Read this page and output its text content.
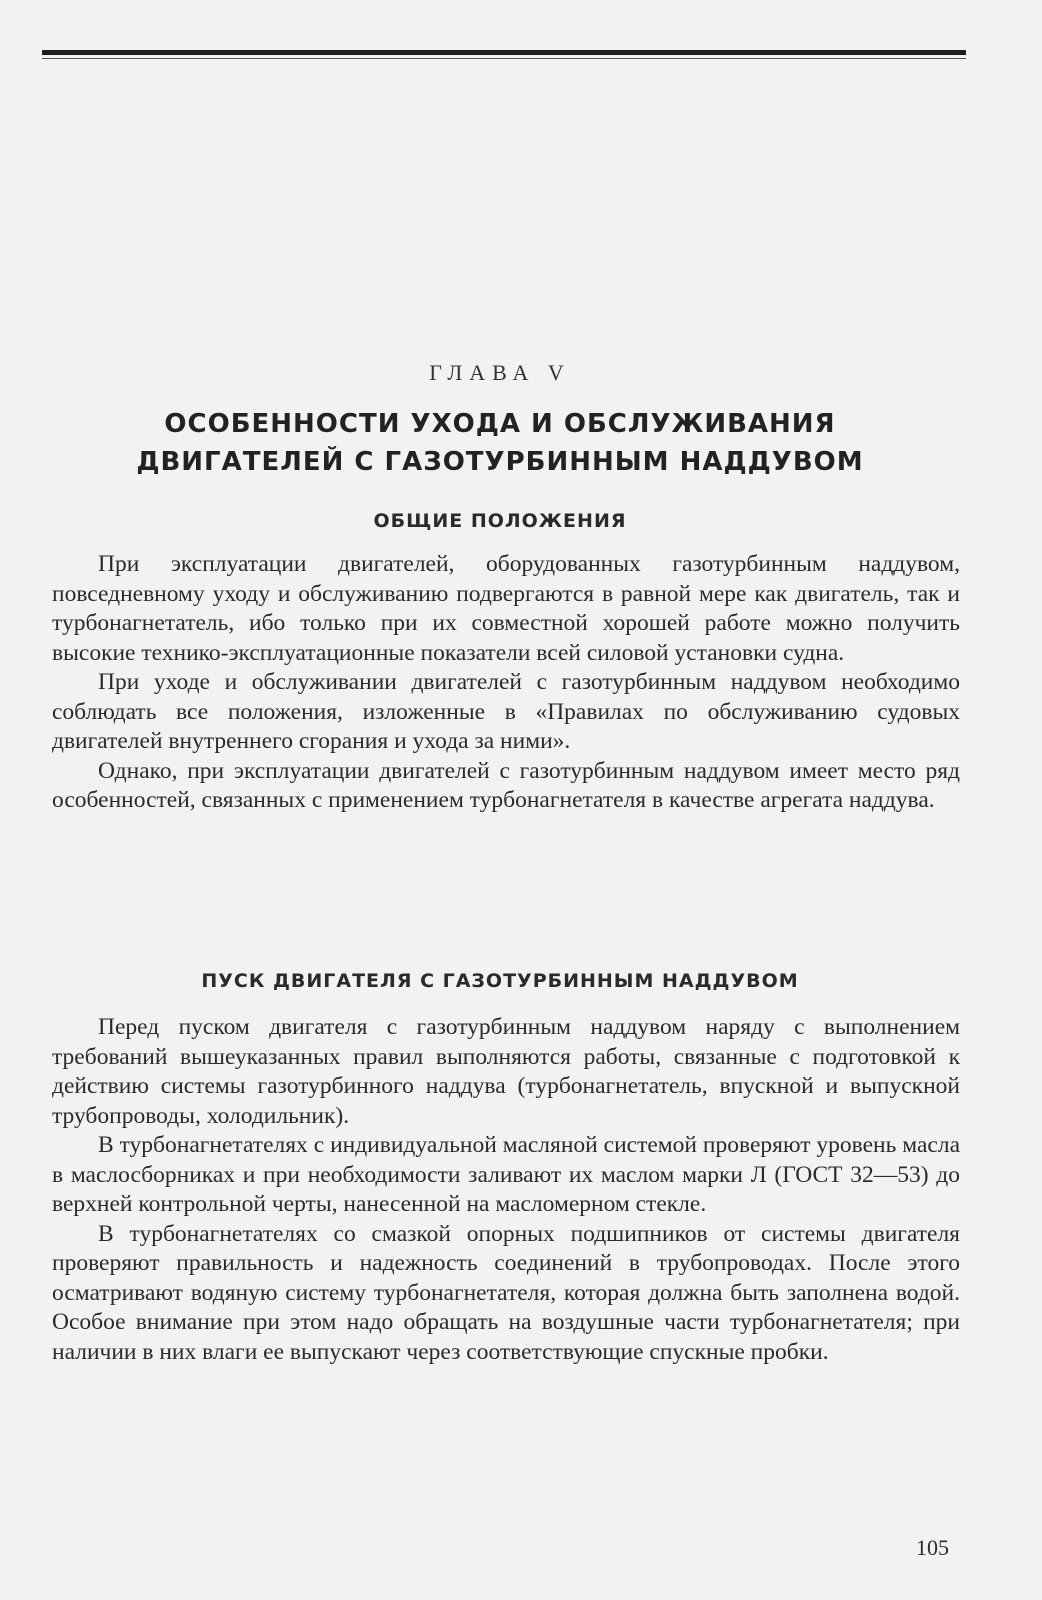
ГЛАВА V
ОСОБЕННОСТИ УХОДА И ОБСЛУЖИВАНИЯ
ДВИГАТЕЛЕЙ С ГАЗОТУРБИННЫМ НАДДУВОМ
ОБЩИЕ ПОЛОЖЕНИЯ

При эксплуатации двигателей, оборудованных газотурбинным наддувом, повседневному уходу и обслуживанию подвергаются в равной мере как двигатель, так и турбонагнетатель, ибо только при их совместной хорошей работе можно получить высокие технико-эксплуатационные показатели всей силовой установки судна.

При уходе и обслуживании двигателей с газотурбинным наддувом необходимо соблюдать все положения, изложенные в «Правилах по обслуживанию судовых двигателей внутреннего сгорания и ухода за ними».

Однако, при эксплуатации двигателей с газотурбинным наддувом имеет место ряд особенностей, связанных с применением турбонагнетателя в качестве агрегата наддува.

ПУСК ДВИГАТЕЛЯ С ГАЗОТУРБИННЫМ НАДДУВОМ

Перед пуском двигателя с газотурбинным наддувом наряду с выполнением требований вышеуказанных правил выполняются работы, связанные с подготовкой к действию системы газотурбинного наддува (турбонагнетатель, впускной и выпускной трубопроводы, холодильник).

В турбонагнетателях с индивидуальной масляной системой проверяют уровень масла в маслосборниках и при необходимости заливают их маслом марки Л (ГОСТ 32—53) до верхней контрольной черты, нанесенной на масломерном стекле.

В турбонагнетателях со смазкой опорных подшипников от системы двигателя проверяют правильность и надежность соединений в трубопроводах. После этого осматривают водяную систему турбонагнетателя, которая должна быть заполнена водой. Особое внимание при этом надо обращать на воздушные части турбонагнетателя; при наличии в них влаги ее выпускают через соответствующие спускные пробки.

105
